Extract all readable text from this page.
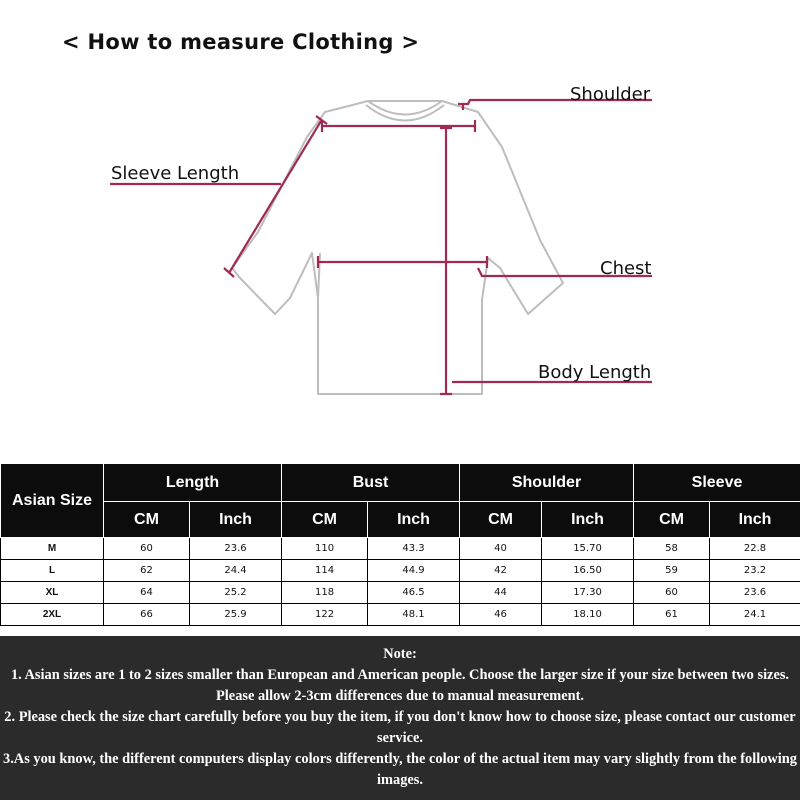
< How to measure Clothing >
Shoulder
Sleeve Length
Chest
Body Length
Asian Size	Length		Bust		Shoulder		Sleeve	
	CM	Inch	CM	Inch	CM	Inch	CM	Inch
M	60	23.6	110	43.3	40	15.70	58	22.8
L	62	24.4	114	44.9	42	16.50	59	23.2
XL	64	25.2	118	46.5	44	17.30	60	23.6
2XL	66	25.9	122	48.1	46	18.10	61	24.1
Note:

1. Asian sizes are 1 to 2 sizes smaller than European and American people. Choose the larger size if your size between two sizes. Please allow 2-3cm differences due to manual measurement.

2. Please check the size chart carefully before you buy the item, if you don't know how to choose size, please contact our customer service.

3.As you know, the different computers display colors differently, the color of the actual item may vary slightly from the following images.
